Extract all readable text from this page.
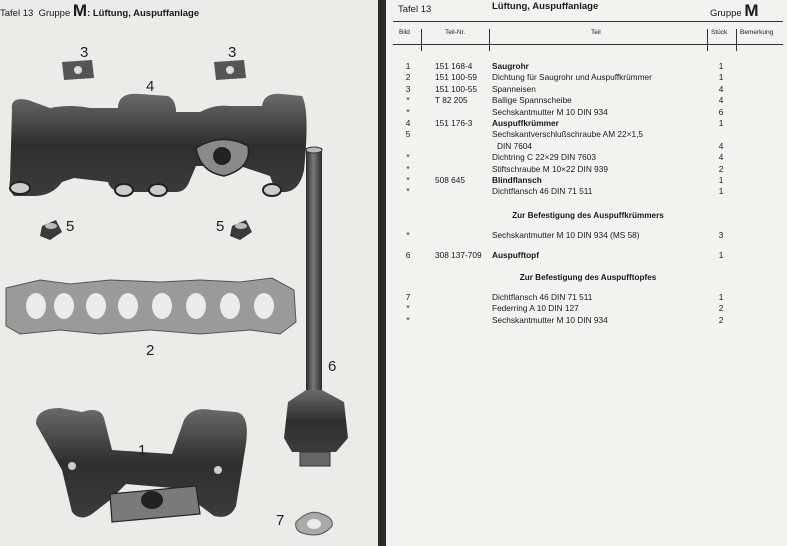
Tafel 13 Gruppe M: Lüftung, Auspuffanlage
3	3
4
5	5
2
6
1
7
Tafel 13	Lüftung, Auspuffanlage
Gruppe M
Bild	Teil-Nr.	Teil	Stück Bemerkung
1	151 168-4 Saugrohr	1
2	151 100-59 Dichtung für Saugrohr und Auspuffkrümmer	1
3	151 100-55 Spanneisen	4
*	T 82 205	Ballige Spannscheibe	4
*	Sechskantmutter M 10 DIN 934	6
4	151 176-3 Auspuffkrümmer	1
5	Sechskantverschlußschraube AM 22×1,5
DIN 7604	4
*	Dichtring C 22×29 DIN 7603	4
*	Stiftschraube M 10×22 DIN 939	2
*	508 645	Blindflansch	1
*	Dichtflansch 46 DIN 71 511	1
Zur Befestigung des Auspuffkrümmers
*	Sechskantmutter M 10 DIN 934 (MS 58)	3
6	308 137-709 Auspufftopf	1
Zur Befestigung des Auspufftopfes
7	Dichtflansch 46 DIN 71 511	1
*	Federring A 10 DIN 127	2
*	Sechskantmutter M 10 DIN 934	2
